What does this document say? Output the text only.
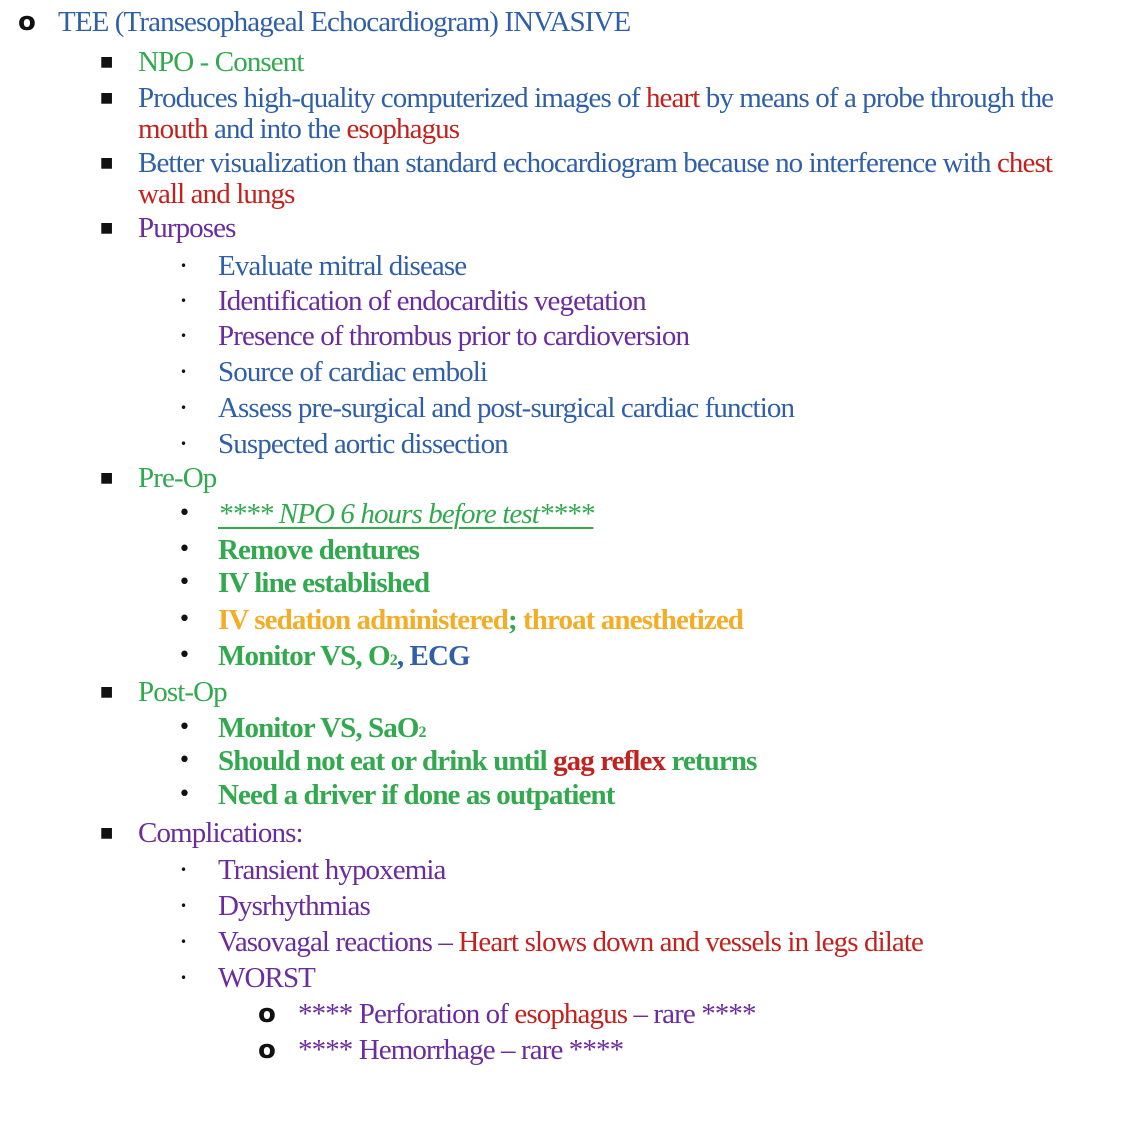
o TEE (Transesophageal Echocardiogram) INVASIVE
■ NPO - Consent
■ Produces high-quality computerized images of heart by means of a probe through the
mouth and into the esophagus
■ Better visualization than standard echocardiogram because no interference with chest
wall and lungs
■ Purposes
• Evaluate mitral disease
• Identification of endocarditis vegetation
• Presence of thrombus prior to cardioversion
• Source of cardiac emboli
• Assess pre-surgical and post-surgical cardiac function
• Suspected aortic dissection
■ Pre-Op
• **** NPO 6 hours before test****
• Remove dentures
• IV line established
• IV sedation administered; throat anesthetized
• Monitor VS, O2, ECG
■ Post-Op
• Monitor VS, SaO2
• Should not eat or drink until gag reflex returns
• Need a driver if done as outpatient
■ Complications:
• Transient hypoxemia
• Dysrhythmias
• Vasovagal reactions – Heart slows down and vessels in legs dilate
• WORST
o **** Perforation of esophagus – rare ****
o **** Hemorrhage – rare ****
